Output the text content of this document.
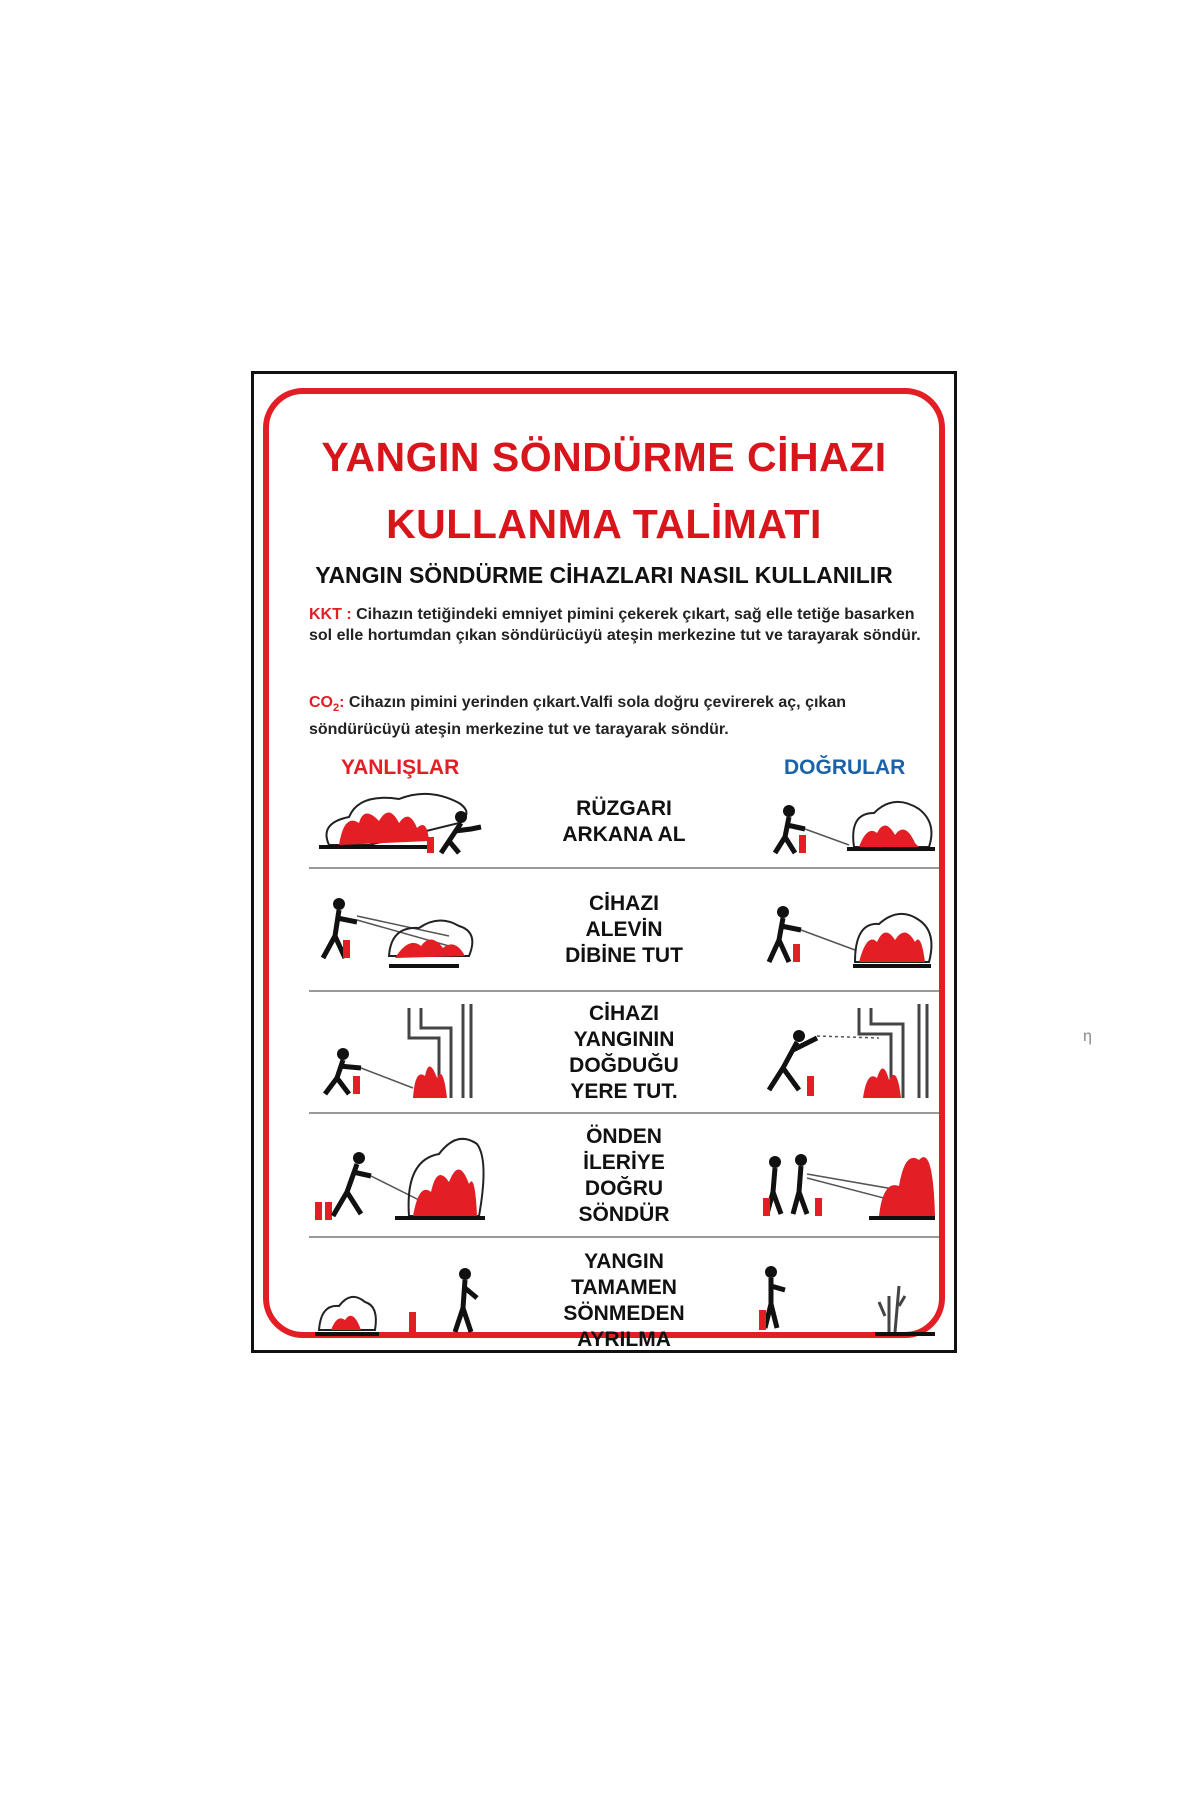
YANGIN SÖNDÜRME CİHAZI
KULLANMA TALİMATI
YANGIN SÖNDÜRME CİHAZLARI NASIL KULLANILIR
KKT : Cihazın tetiğindeki emniyet pimini çekerek çıkart, sağ elle tetiğe basarken sol elle hortumdan çıkan söndürücüyü ateşin merkezine tut ve tarayarak söndür.
$CO_2$: Cihazın pimini yerinden çıkart.Valfi sola doğru çevirerek aç, çıkan söndürücüyü ateşin merkezine tut ve tarayarak söndür.
YANLIŞLAR	DOĞRULAR
RÜZGARI
ARKANA AL
CİHAZI
ALEVİN
DİBİNE TUT
CİHAZI
YANGININ
DOĞDUĞU
YERE TUT.
ÖNDEN
İLERİYE
DOĞRU
SÖNDÜR
YANGIN
TAMAMEN
SÖNMEDEN
AYRILMA
η
